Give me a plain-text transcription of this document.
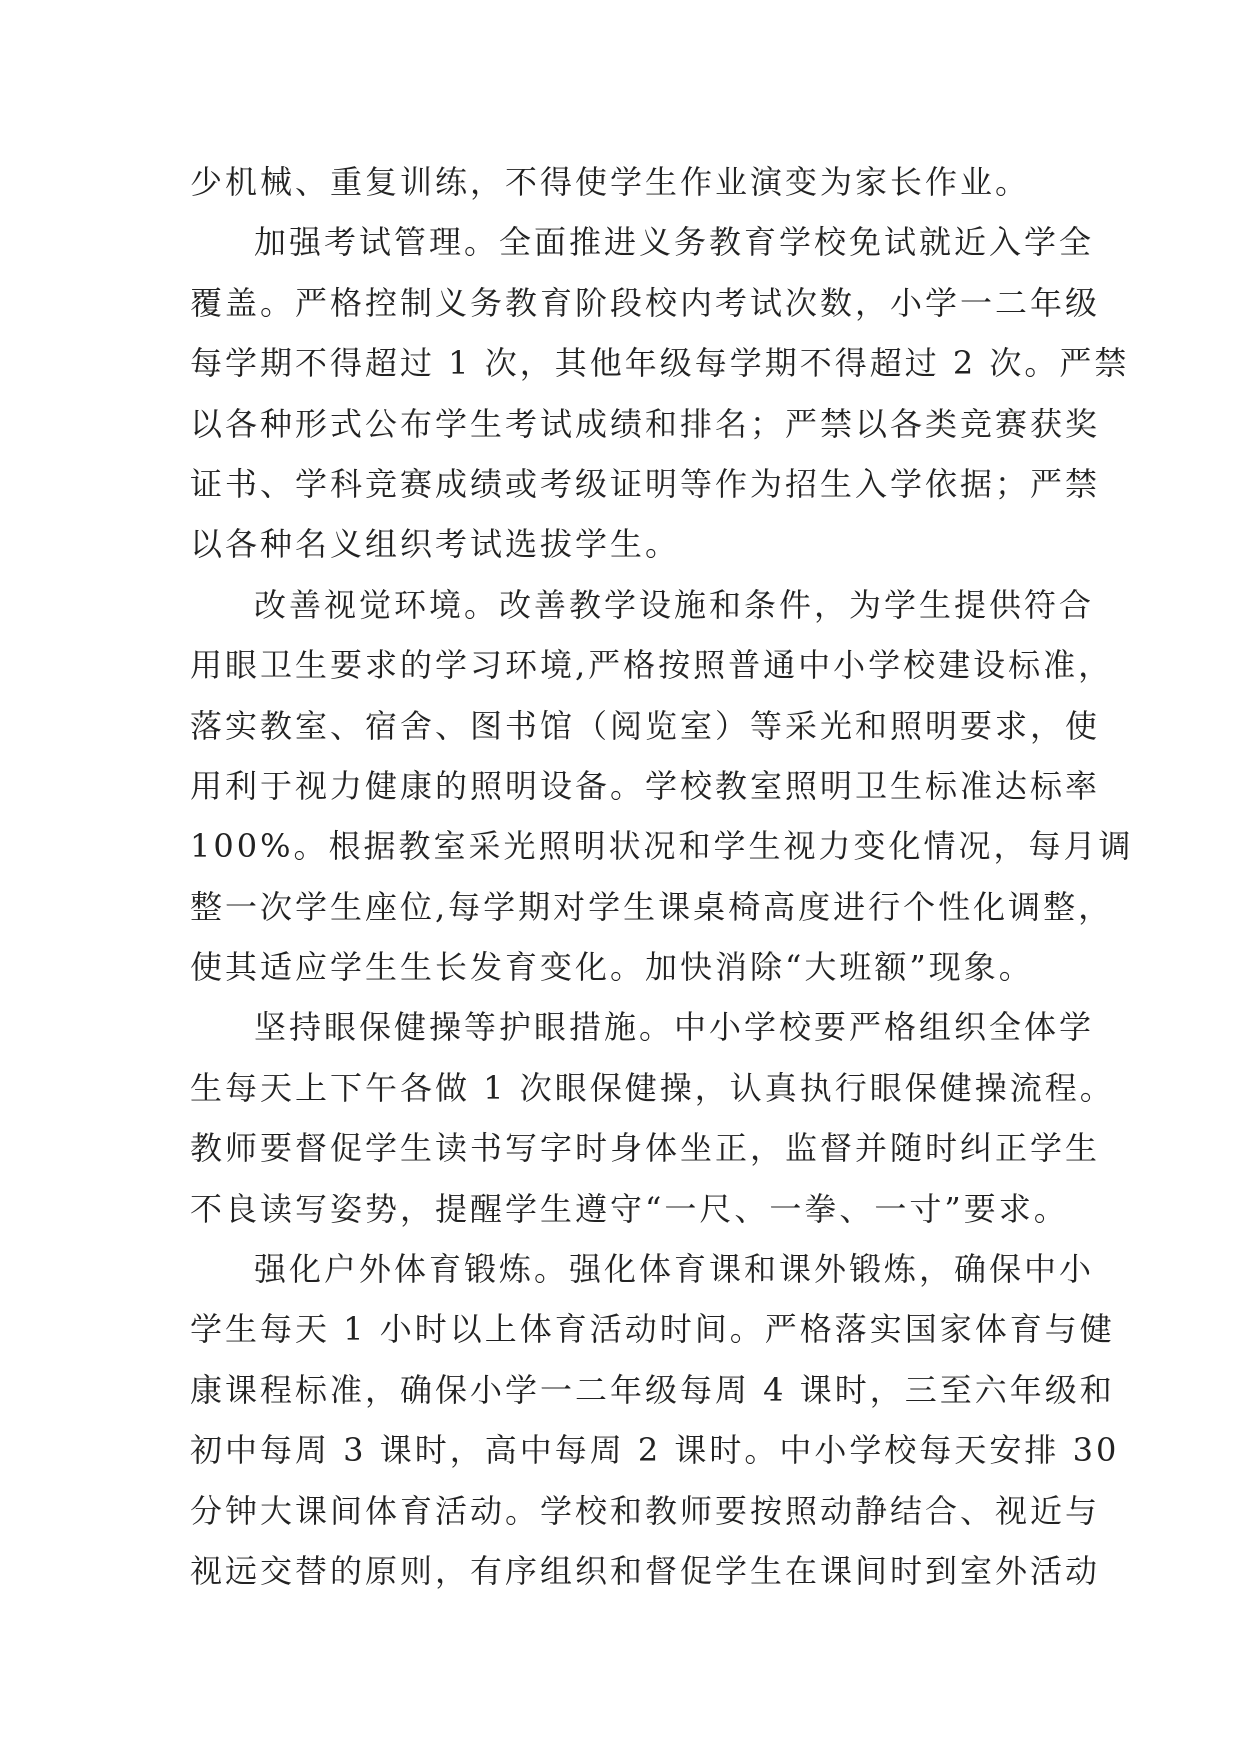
少机械、重复训练，不得使学生作业演变为家长作业。
加强考试管理。全面推进义务教育学校免试就近入学全
覆盖。严格控制义务教育阶段校内考试次数，小学一二年级
每学期不得超过 1 次，其他年级每学期不得超过 2 次。严禁
以各种形式公布学生考试成绩和排名；严禁以各类竞赛获奖
证书、学科竞赛成绩或考级证明等作为招生入学依据；严禁
以各种名义组织考试选拔学生。
改善视觉环境。改善教学设施和条件，为学生提供符合
用眼卫生要求的学习环境,严格按照普通中小学校建设标准，
落实教室、宿舍、图书馆（阅览室）等采光和照明要求，使
用利于视力健康的照明设备。学校教室照明卫生标准达标率
100%。根据教室采光照明状况和学生视力变化情况，每月调
整一次学生座位,每学期对学生课桌椅高度进行个性化调整，
使其适应学生生长发育变化。加快消除“大班额”现象。
坚持眼保健操等护眼措施。中小学校要严格组织全体学
生每天上下午各做 1 次眼保健操，认真执行眼保健操流程。
教师要督促学生读书写字时身体坐正，监督并随时纠正学生
不良读写姿势，提醒学生遵守“一尺、一拳、一寸”要求。
强化户外体育锻炼。强化体育课和课外锻炼，确保中小
学生每天 1 小时以上体育活动时间。严格落实国家体育与健
康课程标准，确保小学一二年级每周 4 课时，三至六年级和
初中每周 3 课时，高中每周 2 课时。中小学校每天安排 30
分钟大课间体育活动。学校和教师要按照动静结合、视近与
视远交替的原则，有序组织和督促学生在课间时到室外活动
